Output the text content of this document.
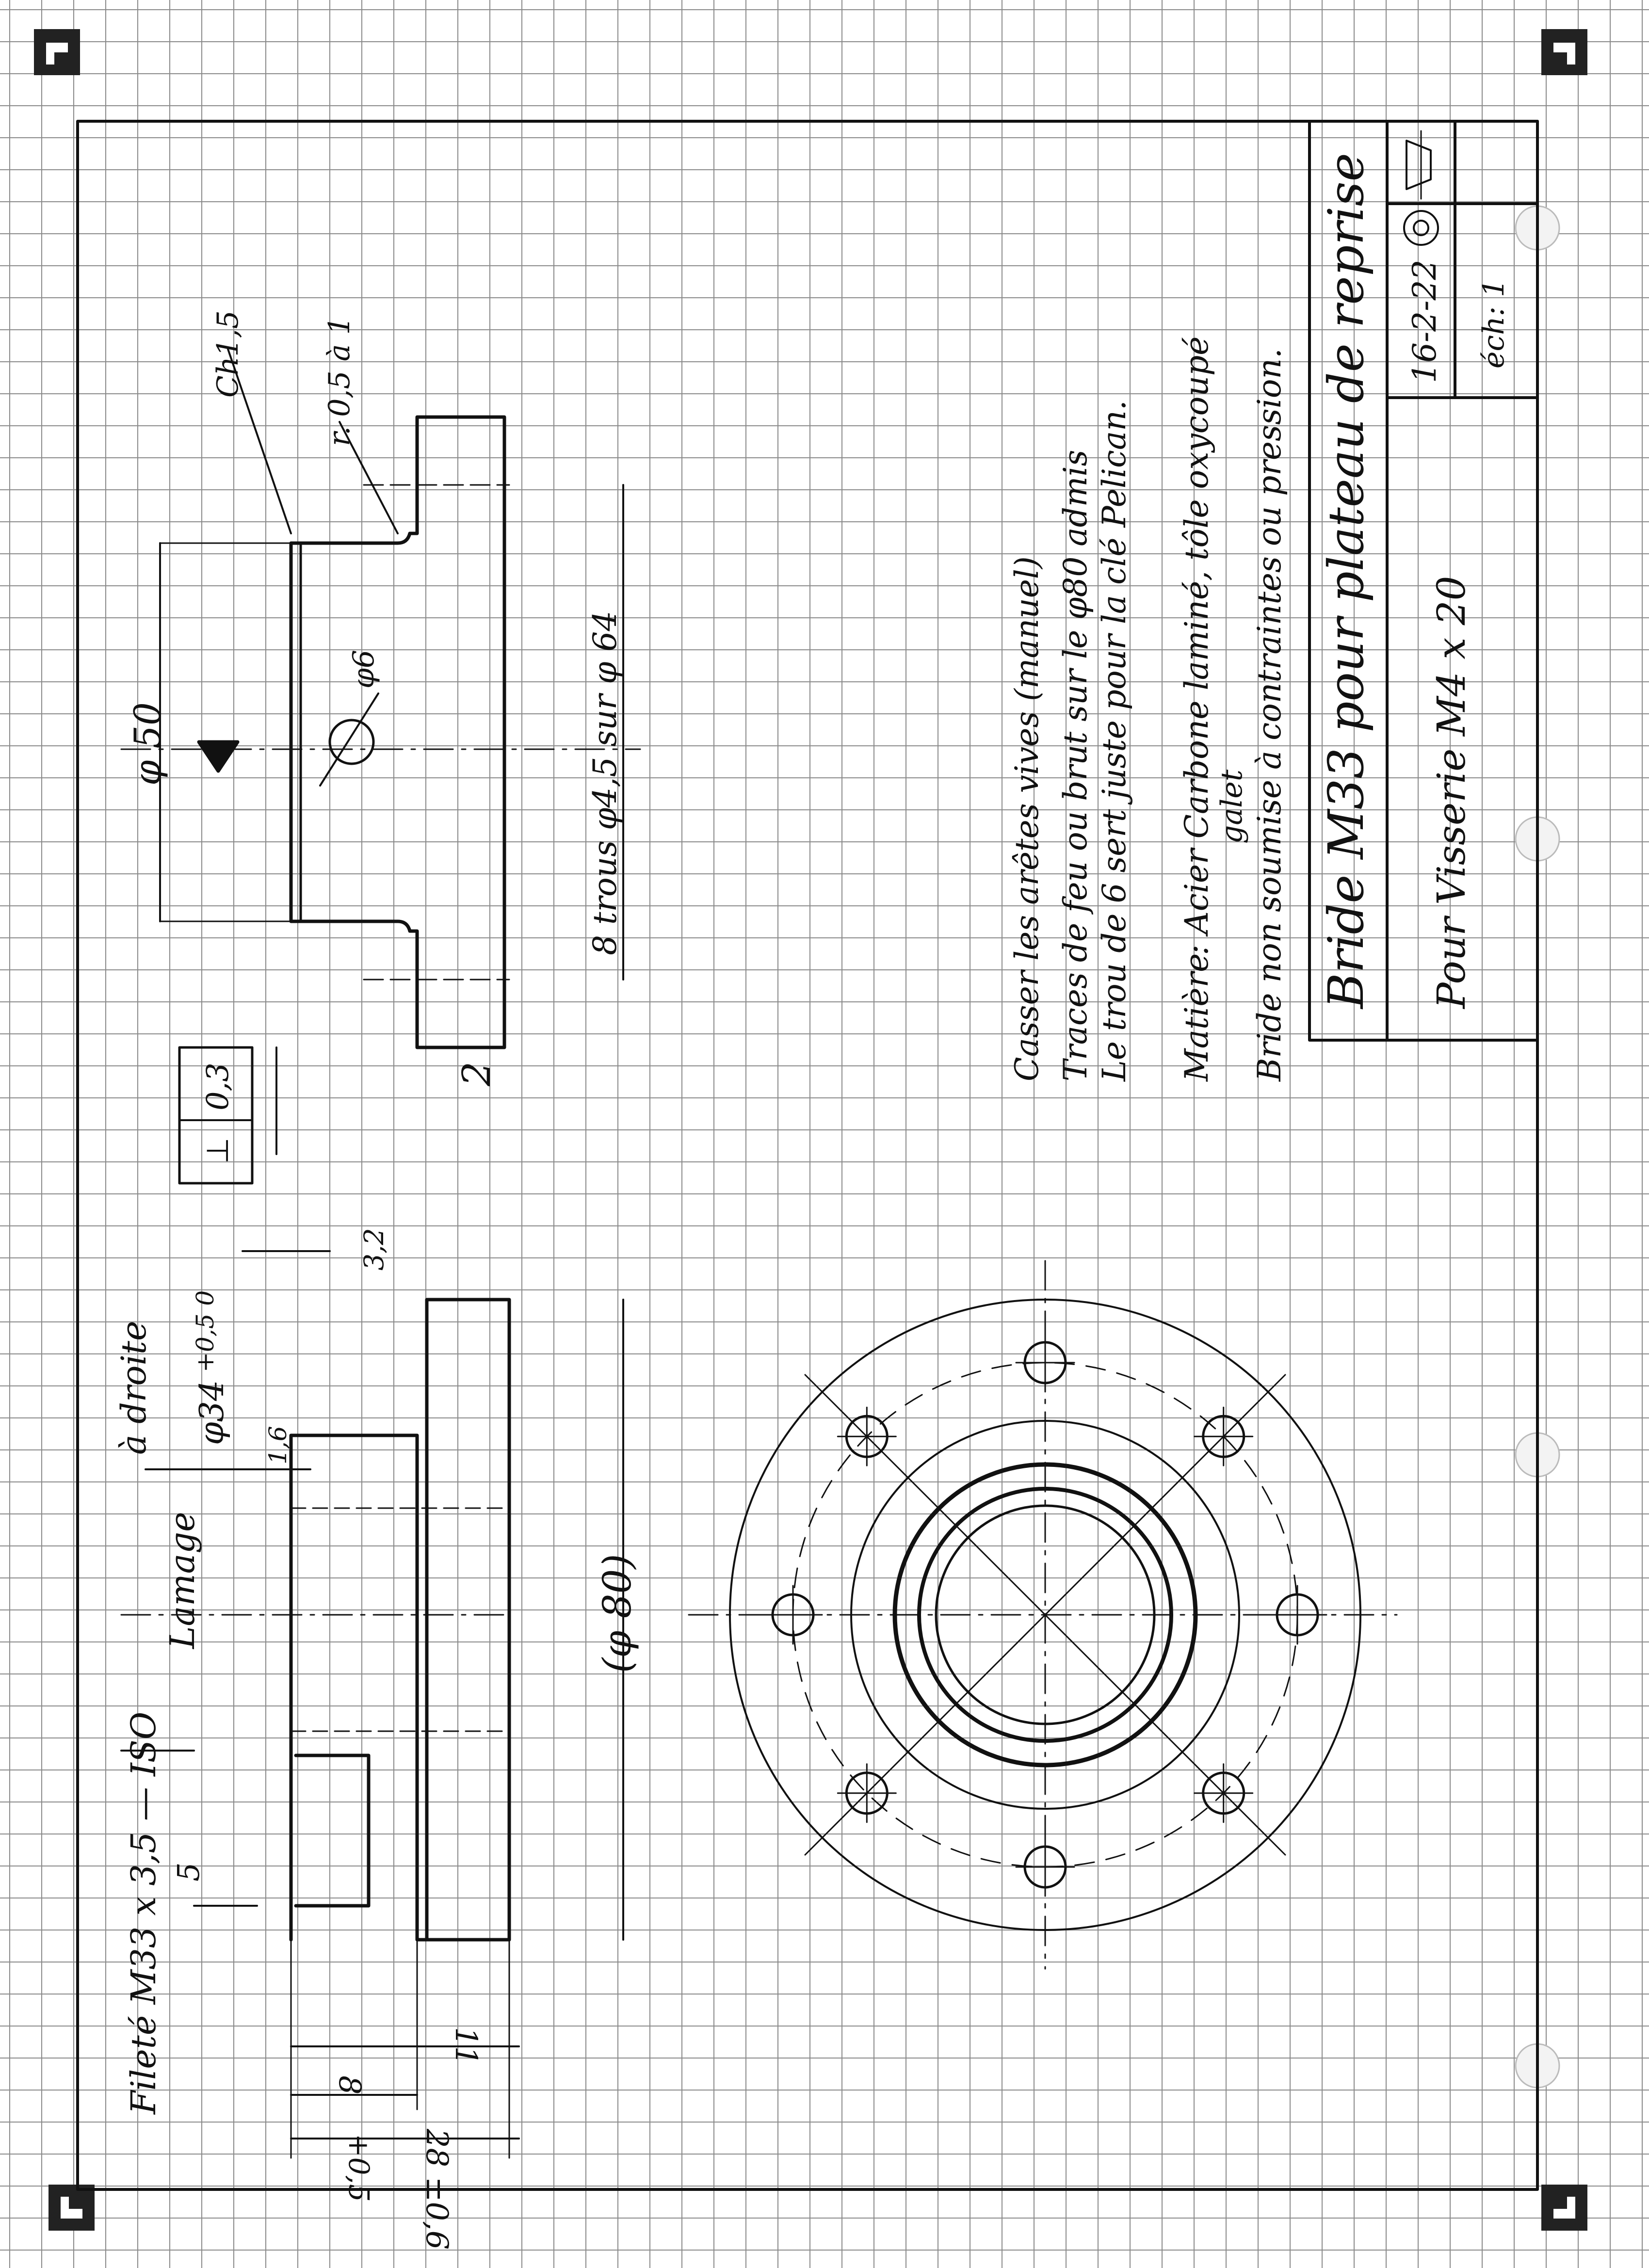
Ch1,5	r. 0,5 à 1
φ 50
φ6	8 trous φ4,5 sur φ 64
2
0,3
⊥
Fileté M33 x 3,5 — ISO
à droite
Lamage
φ34
+0,5 0
1,6
3,2
(φ 80)
5
8
+0,5
11
28 ±0,6
Casser les arêtes vives (manuel) Traces de feu ou brut sur le φ80 admis Le trou de 6 sert juste pour la clé Pelican. Matière
: Acier Carbone laminé, tôle oxycoupé galet Bride non soumise à contraintes ou pression. Bride M33 pour plateau de reprise Pour Visserie M4 x 20
16-2-22 éch: 1
